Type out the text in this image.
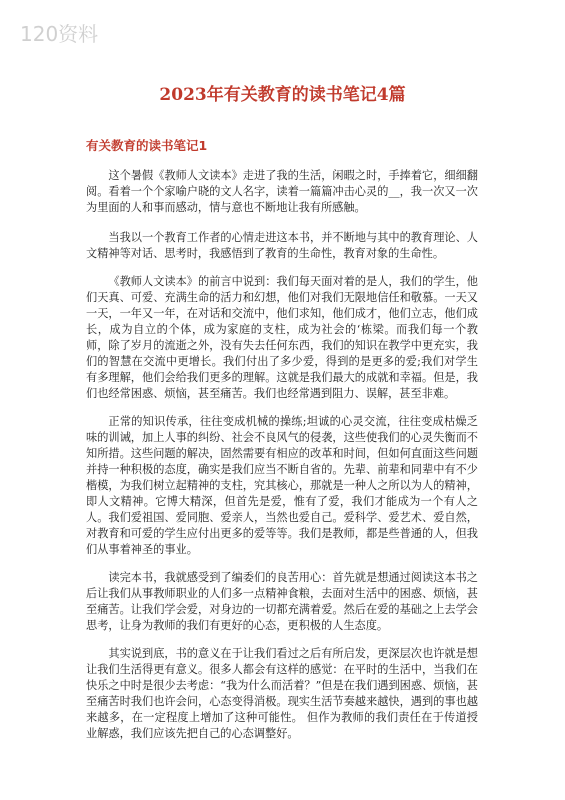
120资料
2023年有关教育的读书笔记4篇
有关教育的读书笔记1

这个暑假《教师人文读本》走进了我的生活，闲暇之时，手捧着它，细细翻阅。看着一个个家喻户晓的文人名字，读着一篇篇冲击心灵的__，我一次又一次为里面的人和事而感动，情与意也不断地让我有所感触。

当我以一个教育工作者的心情走进这本书，并不断地与其中的教育理论、人文精神等对话、思考时，我感悟到了教育的生命性，教育对象的生命性。

《教师人文读本》的前言中说到：我们每天面对着的是人，我们的学生，他们天真、可爱、充满生命的活力和幻想，他们对我们无限地信任和敬慕。一天又一天，一年又一年，在对话和交流中，他们求知，他们成才，他们立志，他们成长，成为自立的个体，成为家庭的支柱，成为社会的‘栋梁。而我们每一个教师，除了岁月的流逝之外，没有失去任何东西，我们的知识在教学中更充实，我们的智慧在交流中更增长。我们付出了多少爱，得到的是更多的爱;我们对学生有多理解，他们会给我们更多的理解。这就是我们最大的成就和幸福。但是，我们也经常困惑、烦恼，甚至痛苦。我们也经常遇到阻力、误解，甚至非难。

正常的知识传承，往往变成机械的操练;坦诚的心灵交流，往往变成枯燥乏味的训诫，加上人事的纠纷、社会不良风气的侵袭，这些使我们的心灵失衡而不知所措。这些问题的解决，固然需要有相应的改革和时间，但如何直面这些问题并持一种积极的态度，确实是我们应当不断自省的。先辈、前辈和同辈中有不少楷模，为我们树立起精神的支柱，究其核心，那就是一种人之所以为人的精神，即人文精神。它博大精深，但首先是爱，惟有了爱，我们才能成为一个有人之人。我们爱祖国、爱同胞、爱亲人，当然也爱自己。爱科学、爱艺术、爱自然，对教育和可爱的学生应付出更多的爱等等。我们是教师，都是些普通的人，但我们从事着神圣的事业。

读完本书，我就感受到了编委们的良苦用心：首先就是想通过阅读这本书之后让我们从事教师职业的人们多一点精神食粮，去面对生活中的困惑、烦恼，甚至痛苦。让我们学会爱，对身边的一切都充满着爱。然后在爱的基础之上去学会思考，让身为教师的我们有更好的心态，更积极的人生态度。

其实说到底，书的意义在于让我们看过之后有所启发，更深层次也许就是想让我们生活得更有意义。很多人都会有这样的感觉：在平时的生活中，当我们在快乐之中时是很少去考虑：“我为什么而活着？”但是在我们遇到困惑、烦恼，甚至痛苦时我们也许会问，心态变得消极。现实生活节奏越来越快，遇到的事也越来越多，在一定程度上增加了这种可能性。 但作为教师的我们责任在于传道授业解惑，我们应该先把自己的心态调整好。
